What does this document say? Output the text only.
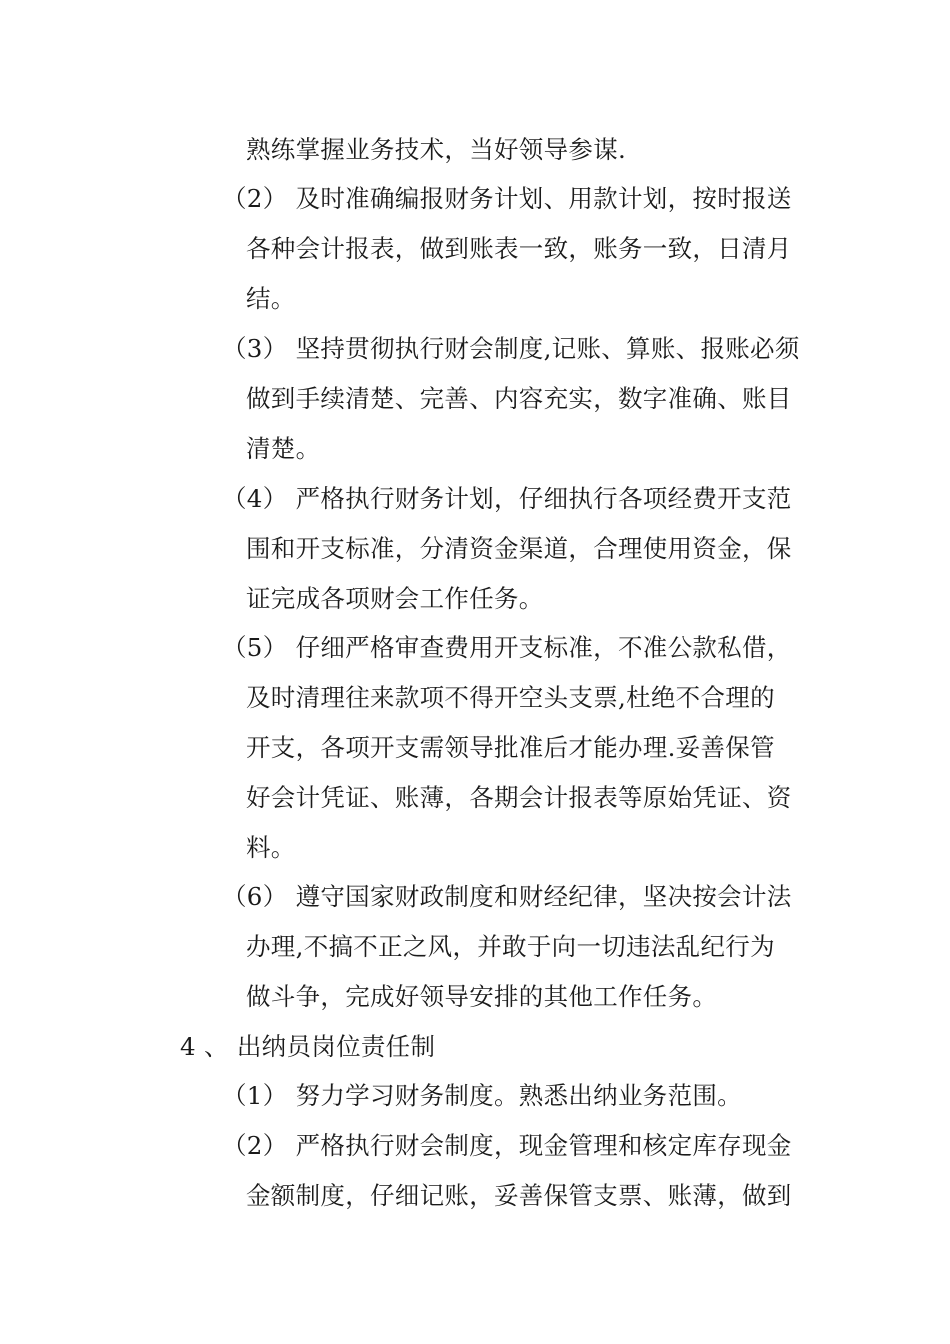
熟练掌握业务技术，当好领导参谋.

（2） 及时准确编报财务计划、用款计划，按时报送

各种会计报表，做到账表一致，账务一致，日清月

结。

（3） 坚持贯彻执行财会制度,记账、算账、报账必须

做到手续清楚、完善、内容充实，数字准确、账目

清楚。

（4） 严格执行财务计划，仔细执行各项经费开支范

围和开支标准，分清资金渠道，合理使用资金，保

证完成各项财会工作任务。

（5） 仔细严格审查费用开支标准，不准公款私借，

及时清理往来款项不得开空头支票,杜绝不合理的

开支，各项开支需领导批准后才能办理.妥善保管

好会计凭证、账薄，各期会计报表等原始凭证、资

料。

（6） 遵守国家财政制度和财经纪律，坚决按会计法

办理,不搞不正之风，并敢于向一切违法乱纪行为

做斗争，完成好领导安排的其他工作任务。

4 、 出纳员岗位责任制

（1） 努力学习财务制度。熟悉出纳业务范围。

（2） 严格执行财会制度，现金管理和核定库存现金

金额制度，仔细记账，妥善保管支票、账薄，做到
